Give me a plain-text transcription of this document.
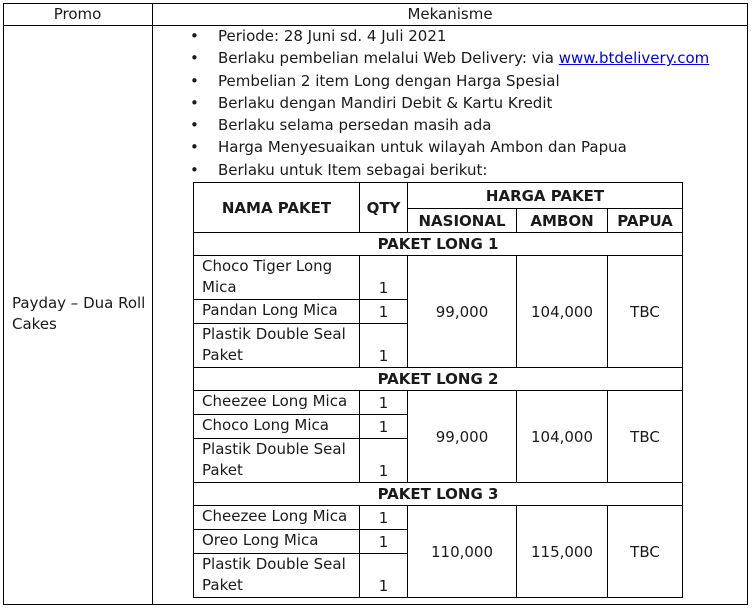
Promo	Mekanisme
Payday – Dua Roll Cakes
• Periode: 28 Juni sd. 4 Juli 2021
• Berlaku pembelian melalui Web Delivery: via www.btdelivery.com
• Pembelian 2 item Long dengan Harga Spesial
• Berlaku dengan Mandiri Debit & Kartu Kredit
• Berlaku selama persedan masih ada
• Harga Menyesuaikan untuk wilayah Ambon dan Papua
• Berlaku untuk Item sebagai berikut:
NAMA PAKET	QTY	HARGA PAKET		
		NASIONAL	AMBON	PAPUA
PAKET LONG 1				
Choco Tiger Long Mica	1	99,000	104,000	TBC
Pandan Long Mica	1			
Plastik Double Seal Paket	1			
PAKET LONG 2				
Cheezee Long Mica	1	99,000	104,000	TBC
Choco Long Mica	1			
Plastik Double Seal Paket	1			
PAKET LONG 3				
Cheezee Long Mica	1	110,000	115,000	TBC
Oreo Long Mica	1			
Plastik Double Seal Paket	1			
